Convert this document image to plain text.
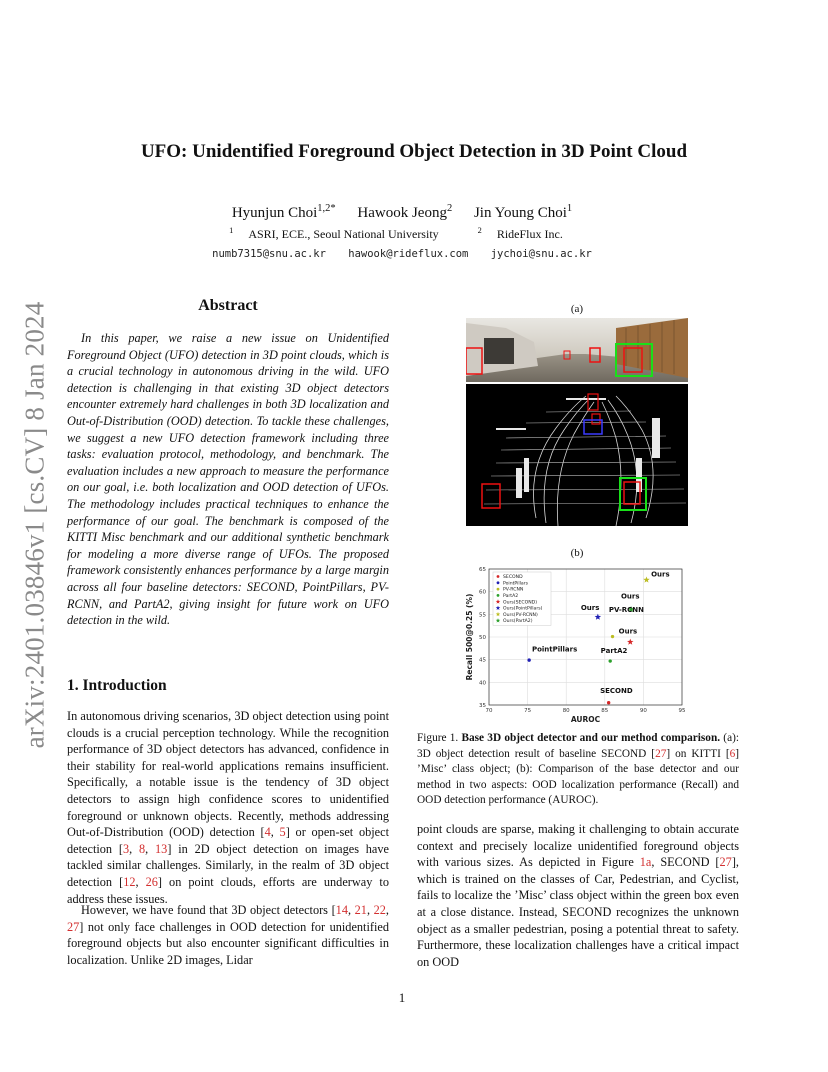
arXiv:2401.03846v1 [cs.CV] 8 Jan 2024
UFO: Unidentified Foreground Object Detection in 3D Point Cloud
Hyunjun Choi$^{1,2*}$ Hawook Jeong$^2$ Jin Young Choi$^1$
$^1$ ASRI, ECE., Seoul National University	$^2$ RideFlux Inc.
numb7315@snu.ac.kr hawook@rideflux.com jychoi@snu.ac.kr
Abstract

In this paper, we raise a new issue on Unidentified Foreground Object (UFO) detection in 3D point clouds, which is a crucial technology in autonomous driving in the wild. UFO detection is challenging in that existing 3D object detectors encounter extremely hard challenges in both 3D localization and Out-of-Distribution (OOD) detection. To tackle these challenges, we suggest a new UFO detection framework including three tasks: evaluation protocol, methodology, and benchmark. The evaluation includes a new approach to measure the performance on our goal, i.e. both localization and OOD detection of UFOs. The methodology includes practical techniques to enhance the performance of our goal. The benchmark is composed of the KITTI Misc benchmark and our additional synthetic benchmark for modeling a more diverse range of UFOs. The proposed framework consistently enhances performance by a large margin across all four baseline detectors: SECOND, PointPillars, PV-RCNN, and PartA2, giving insight for future work on UFO detection in the wild.

1. Introduction

In autonomous driving scenarios, 3D object detection using point clouds is a crucial perception technology. While the recognition performance of 3D object detectors has advanced, confidence in their stability for real-world applications remains insufficient. Specifically, a notable issue is the tendency of 3D object detectors to assign high confidence scores to unidentified foreground or unknown objects. Recently, methods addressing Out-of-Distribution (OOD) detection [4, 5] or open-set object detection [3, 8, 13] in 2D object detection on images have tackled similar challenges. Similarly, in the realm of 3D object detection [12, 26] on point clouds, efforts are underway to address these issues.

However, we have found that 3D object detectors [14, 21, 22, 27] not only face challenges in OOD detection for unidentified foreground objects but also encounter significant difficulties in localization. Unlike 2D images, Lidar

(a)
(b)
70	75	80	85	90	95
35
40
45
50
55
60
65
AUROC
Recall 500@0.25 (%)
SECOND
PointPillars
PV-RCNN
PartA2
Ours(SECOND)
Ours(PointPillars)
Ours(PV-RCNN)
Ours(PartA2)
Ours
Ours
Ours PV-RCNN
Ours
PointPillars	PartA2
SECOND

Figure 1. Base 3D object detector and our method comparison. (a): 3D object detection result of baseline SECOND [27] on KITTI [6] ’Misc’ class object; (b): Comparison of the base detector and our method in two aspects: OOD localization performance (Recall) and OOD detection performance (AUROC).

point clouds are sparse, making it challenging to obtain accurate context and precisely localize unidentified foreground objects with various sizes. As depicted in Figure 1a, SECOND [27], which is trained on the classes of Car, Pedestrian, and Cyclist, fails to localize the ’Misc’ class object within the green box even at a close distance. Instead, SECOND recognizes the unknown object as a smaller pedestrian, posing a potential threat to safety. Furthermore, these localization challenges have a critical impact on OOD

1
